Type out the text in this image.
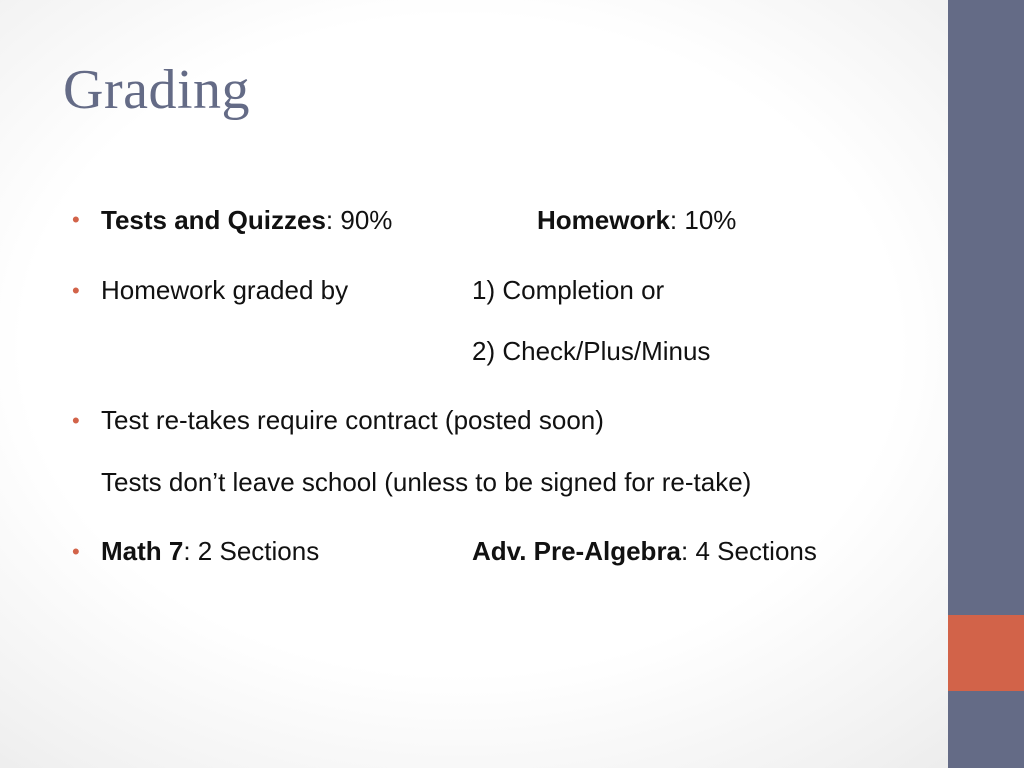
Grading
• Tests and Quizzes: 90%	Homework: 10%
• Homework graded by	1) Completion or
2) Check/Plus/Minus
• Test re-takes require contract (posted soon)
Tests don’t leave school (unless to be signed for re-take)
• Math 7: 2 Sections	Adv. Pre-Algebra: 4 Sections
